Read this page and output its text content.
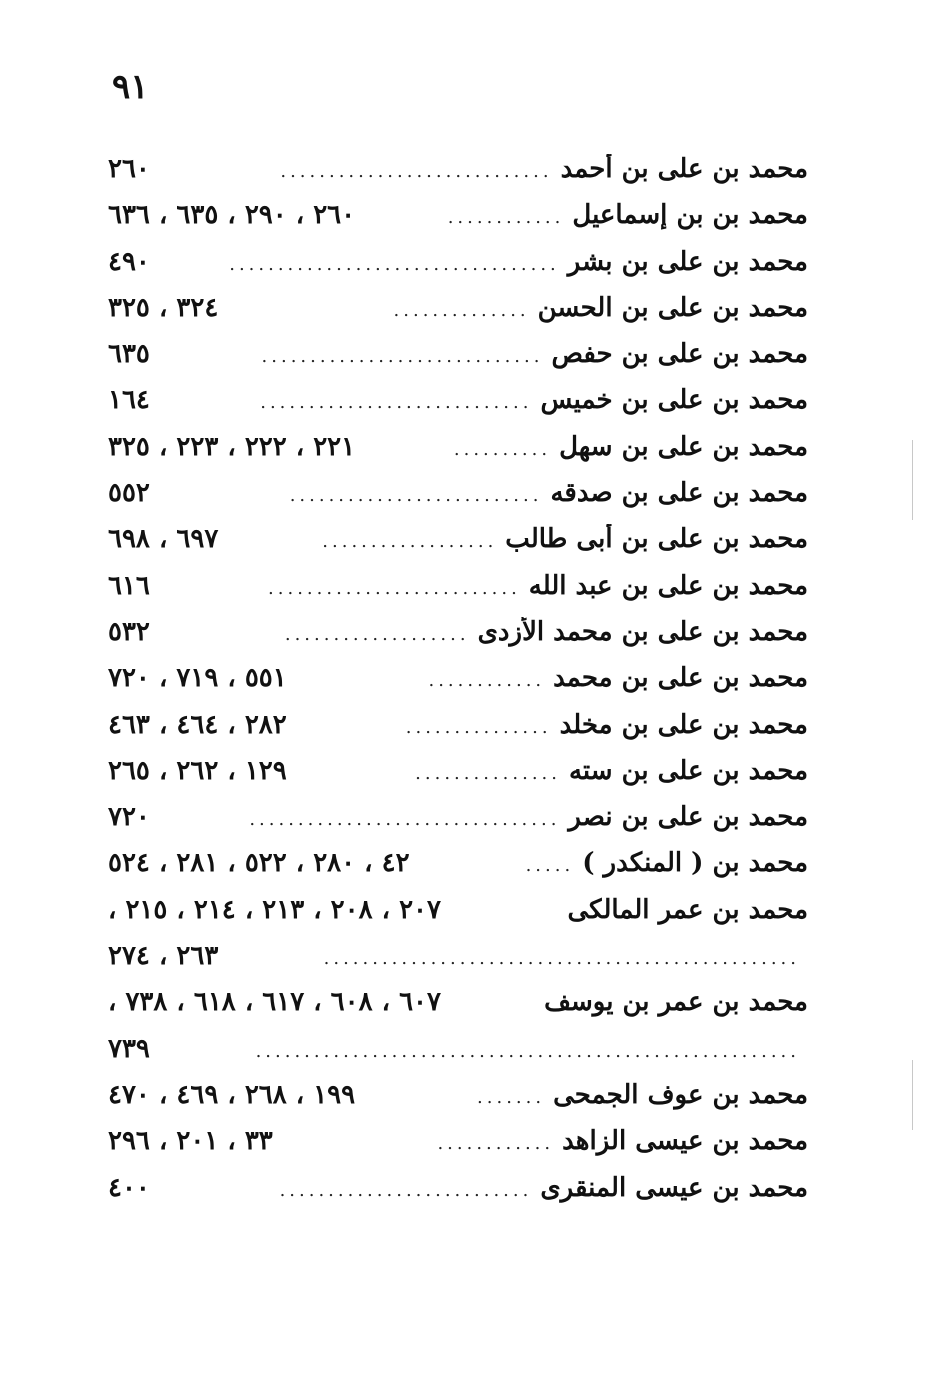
٩١
محمد بن على بن أحمد
............................
٢٦٠
محمد بن بن إسماعيل
............
٢٦٠ ، ٢٩٠ ، ٦٣٥ ، ٦٣٦
محمد بن على بن بشر
..................................
٤٩٠
محمد بن على بن الحسن
..............
٣٢٤ ، ٣٢٥
محمد بن على بن حفص
.............................
٦٣٥
محمد بن على بن خميس
............................
١٦٤
محمد بن على بن سهل
..........
٢٢١ ، ٢٢٢ ، ٢٢٣ ، ٣٢٥
محمد بن على بن صدقه
..........................
٥٥٢
محمد بن على بن أبى طالب
..................
٦٩٧ ، ٦٩٨
محمد بن على بن عبد الله
..........................
٦١٦
محمد بن على بن محمد الأزدى
...................
٥٣٢
محمد بن على بن محمد
............
٥٥١ ، ٧١٩ ، ٧٢٠
محمد بن على بن مخلد
...............
٢٨٢ ، ٤٦٤ ، ٤٦٣
محمد بن على بن سته
...............
١٢٩ ، ٢٦٢ ، ٢٦٥
محمد بن على بن نصر
................................
٧٢٠
محمد بن ( المنكدر )
.....
٤٢ ، ٢٨٠ ، ٥٢٢ ، ٢٨١ ، ٥٢٤
محمد بن عمر المالكى
٢٠٧ ، ٢٠٨ ، ٢١٣ ، ٢١٤ ، ٢١٥ ،
.................................................
٢٦٣ ، ٢٧٤
محمد بن عمر بن يوسف
٦٠٧ ، ٦٠٨ ، ٦١٧ ، ٦١٨ ، ٧٣٨ ،
........................................................
٧٣٩
محمد بن عوف الجمحى
.......
١٩٩ ، ٢٦٨ ، ٤٦٩ ، ٤٧٠
محمد بن عيسى الزاهد
............
٣٣ ، ٢٠١ ، ٢٩٦
محمد بن عيسى المنقرى
..........................
٤٠٠
